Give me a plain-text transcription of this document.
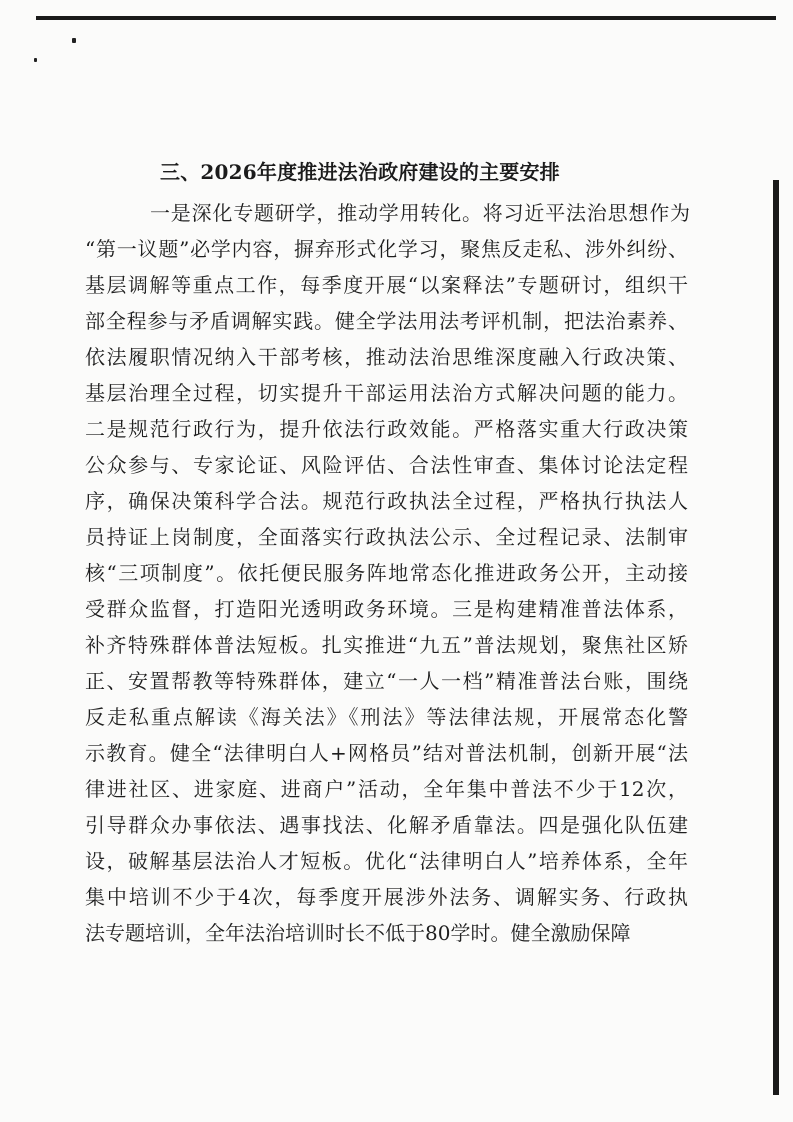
三、2026年度推进法治政府建设的主要安排
一是深化专题研学，推动学用转化。将习近平法治思想作为
“第一议题”必学内容，摒弃形式化学习，聚焦反走私、涉外纠纷、
基层调解等重点工作，每季度开展“以案释法”专题研讨，组织干
部全程参与矛盾调解实践。健全学法用法考评机制，把法治素养、
依法履职情况纳入干部考核，推动法治思维深度融入行政决策、
基层治理全过程，切实提升干部运用法治方式解决问题的能力。
二是规范行政行为，提升依法行政效能。严格落实重大行政决策
公众参与、专家论证、风险评估、合法性审查、集体讨论法定程
序，确保决策科学合法。规范行政执法全过程，严格执行执法人
员持证上岗制度，全面落实行政执法公示、全过程记录、法制审
核“三项制度”。依托便民服务阵地常态化推进政务公开，主动接
受群众监督，打造阳光透明政务环境。三是构建精准普法体系，
补齐特殊群体普法短板。扎实推进“九五”普法规划，聚焦社区矫
正、安置帮教等特殊群体，建立“一人一档”精准普法台账，围绕
反走私重点解读《海关法》《刑法》等法律法规，开展常态化警
示教育。健全“法律明白人+网格员”结对普法机制，创新开展“法
律进社区、进家庭、进商户”活动，全年集中普法不少于12次，
引导群众办事依法、遇事找法、化解矛盾靠法。四是强化队伍建
设，破解基层法治人才短板。优化“法律明白人”培养体系，全年
集中培训不少于4次，每季度开展涉外法务、调解实务、行政执
法专题培训，全年法治培训时长不低于80学时。健全激励保障
